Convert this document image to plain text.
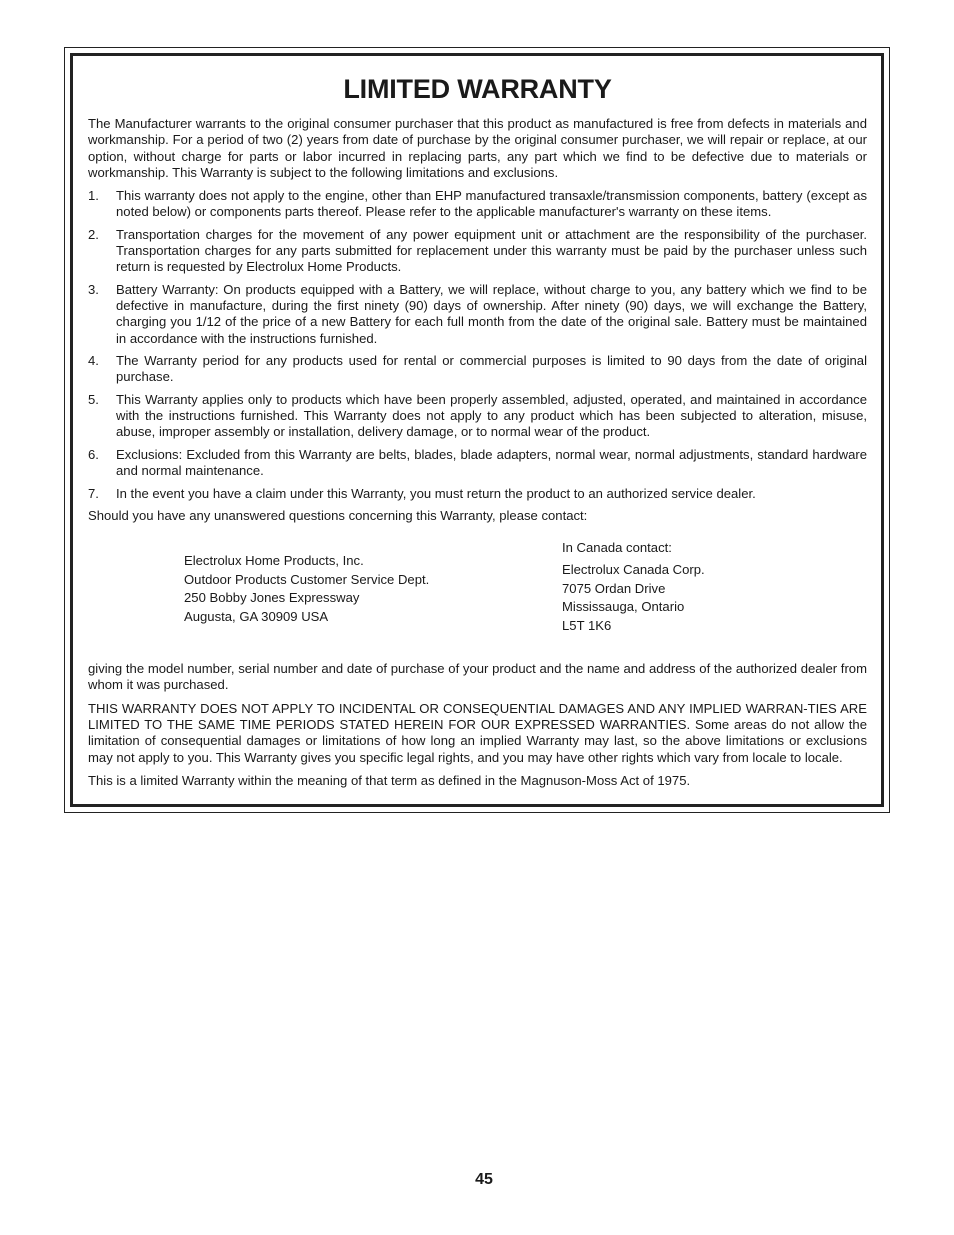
LIMITED WARRANTY

The Manufacturer warrants to the original consumer purchaser that this product as manufactured is free from defects in materials and workmanship. For a period of two (2) years from date of purchase by the original consumer purchaser, we will repair or replace, at our option, without charge for parts or labor incurred in replacing parts, any part which we find to be defective due to materials or workmanship. This Warranty is subject to the following limitations and exclusions.

1. This warranty does not apply to the engine, other than EHP manufactured transaxle/transmission components, battery (except as noted below) or components parts thereof. Please refer to the applicable manufacturer's warranty on these items.
2. Transportation charges for the movement of any power equipment unit or attachment are the responsibility of the purchaser. Transportation charges for any parts submitted for replacement under this warranty must be paid by the purchaser unless such return is requested by Electrolux Home Products.
3. Battery Warranty: On products equipped with a Battery, we will replace, without charge to you, any battery which we find to be defective in manufacture, during the first ninety (90) days of ownership. After ninety (90) days, we will exchange the Battery, charging you 1/12 of the price of a new Battery for each full month from the date of the original sale. Battery must be maintained in accordance with the instructions furnished.
4. The Warranty period for any products used for rental or commercial purposes is limited to 90 days from the date of original purchase.
5. This Warranty applies only to products which have been properly assembled, adjusted, operated, and maintained in accordance with the instructions furnished. This Warranty does not apply to any product which has been subjected to alteration, misuse, abuse, improper assembly or installation, delivery damage, or to normal wear of the product.
6. Exclusions: Excluded from this Warranty are belts, blades, blade adapters, normal wear, normal adjustments, standard hardware and normal maintenance.
7. In the event you have a claim under this Warranty, you must return the product to an authorized service dealer.

Should you have any unanswered questions concerning this Warranty, please contact:

Electrolux Home Products, Inc.
Outdoor Products Customer Service Dept.
250 Bobby Jones Expressway
Augusta, GA 30909 USA
In Canada contact:
Electrolux Canada Corp.
7075 Ordan Drive
Mississauga, Ontario
L5T 1K6

giving the model number, serial number and date of purchase of your product and the name and address of the authorized dealer from whom it was purchased.

THIS WARRANTY DOES NOT APPLY TO INCIDENTAL OR CONSEQUENTIAL DAMAGES AND ANY IMPLIED WARRAN-TIES ARE LIMITED TO THE SAME TIME PERIODS STATED HEREIN FOR OUR EXPRESSED WARRANTIES. Some areas do not allow the limitation of consequential damages or limitations of how long an implied Warranty may last, so the above limitations or exclusions may not apply to you. This Warranty gives you specific legal rights, and you may have other rights which vary from locale to locale.

This is a limited Warranty within the meaning of that term as defined in the Magnuson-Moss Act of 1975.

45
